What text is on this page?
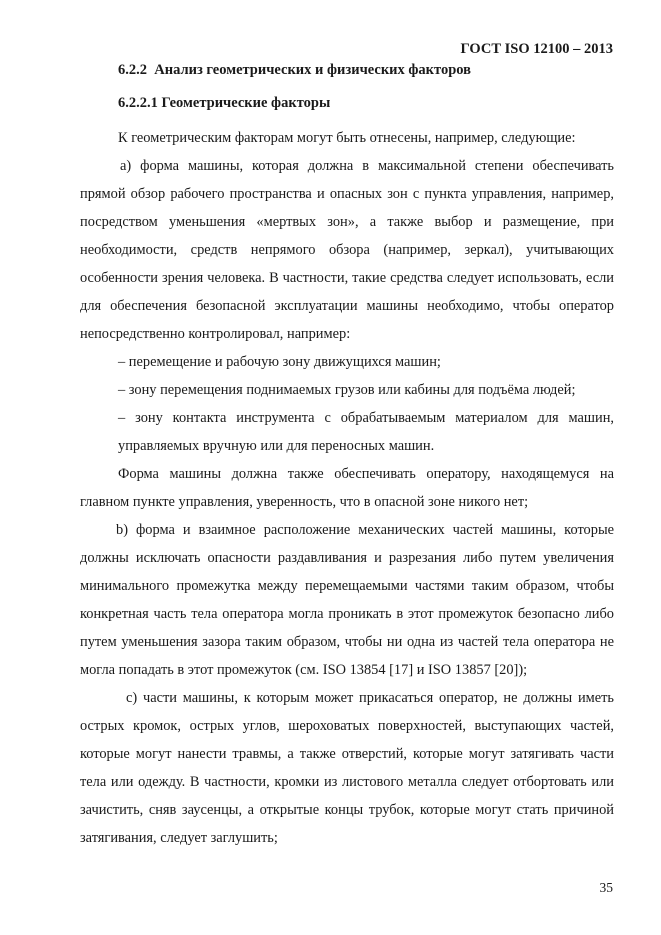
ГОСТ ISO 12100 – 2013
6.2.2 Анализ геометрических и физических факторов
6.2.2.1 Геометрические факторы

К геометрическим факторам могут быть отнесены, например, следующие:

а) форма машины, которая должна в максимальной степени обеспечивать прямой обзор рабочего пространства и опасных зон с пункта управления, например, посредством уменьшения «мертвых зон», а также выбор и размещение, при необходимости, средств непрямого обзора (например, зеркал), учитывающих особенности зрения человека. В частности, такие средства следует использовать, если для обеспечения безопасной эксплуатации машины необходимо, чтобы оператор непосредственно контролировал, например:

– перемещение и рабочую зону движущихся машин;

– зону перемещения поднимаемых грузов или кабины для подъёма людей;

– зону контакта инструмента с обрабатываемым материалом для машин, управляемых вручную или для переносных машин.

Форма машины должна также обеспечивать оператору, находящемуся на главном пункте управления, уверенность, что в опасной зоне никого нет;

b) форма и взаимное расположение механических частей машины, которые должны исключать опасности раздавливания и разрезания либо путем увеличения минимального промежутка между перемещаемыми частями таким образом, чтобы конкретная часть тела оператора могла проникать в этот промежуток безопасно либо путем уменьшения зазора таким образом, чтобы ни одна из частей тела оператора не могла попадать в этот промежуток (см. ISO 13854 [17] и ISO 13857 [20]);

с) части машины, к которым может прикасаться оператор, не должны иметь острых кромок, острых углов, шероховатых поверхностей, выступающих частей, которые могут нанести травмы, а также отверстий, которые могут затягивать части тела или одежду. В частности, кромки из листового металла следует отбортовать или зачистить, сняв заусенцы, а открытые концы трубок, которые могут стать причиной затягивания, следует заглушить;

35
